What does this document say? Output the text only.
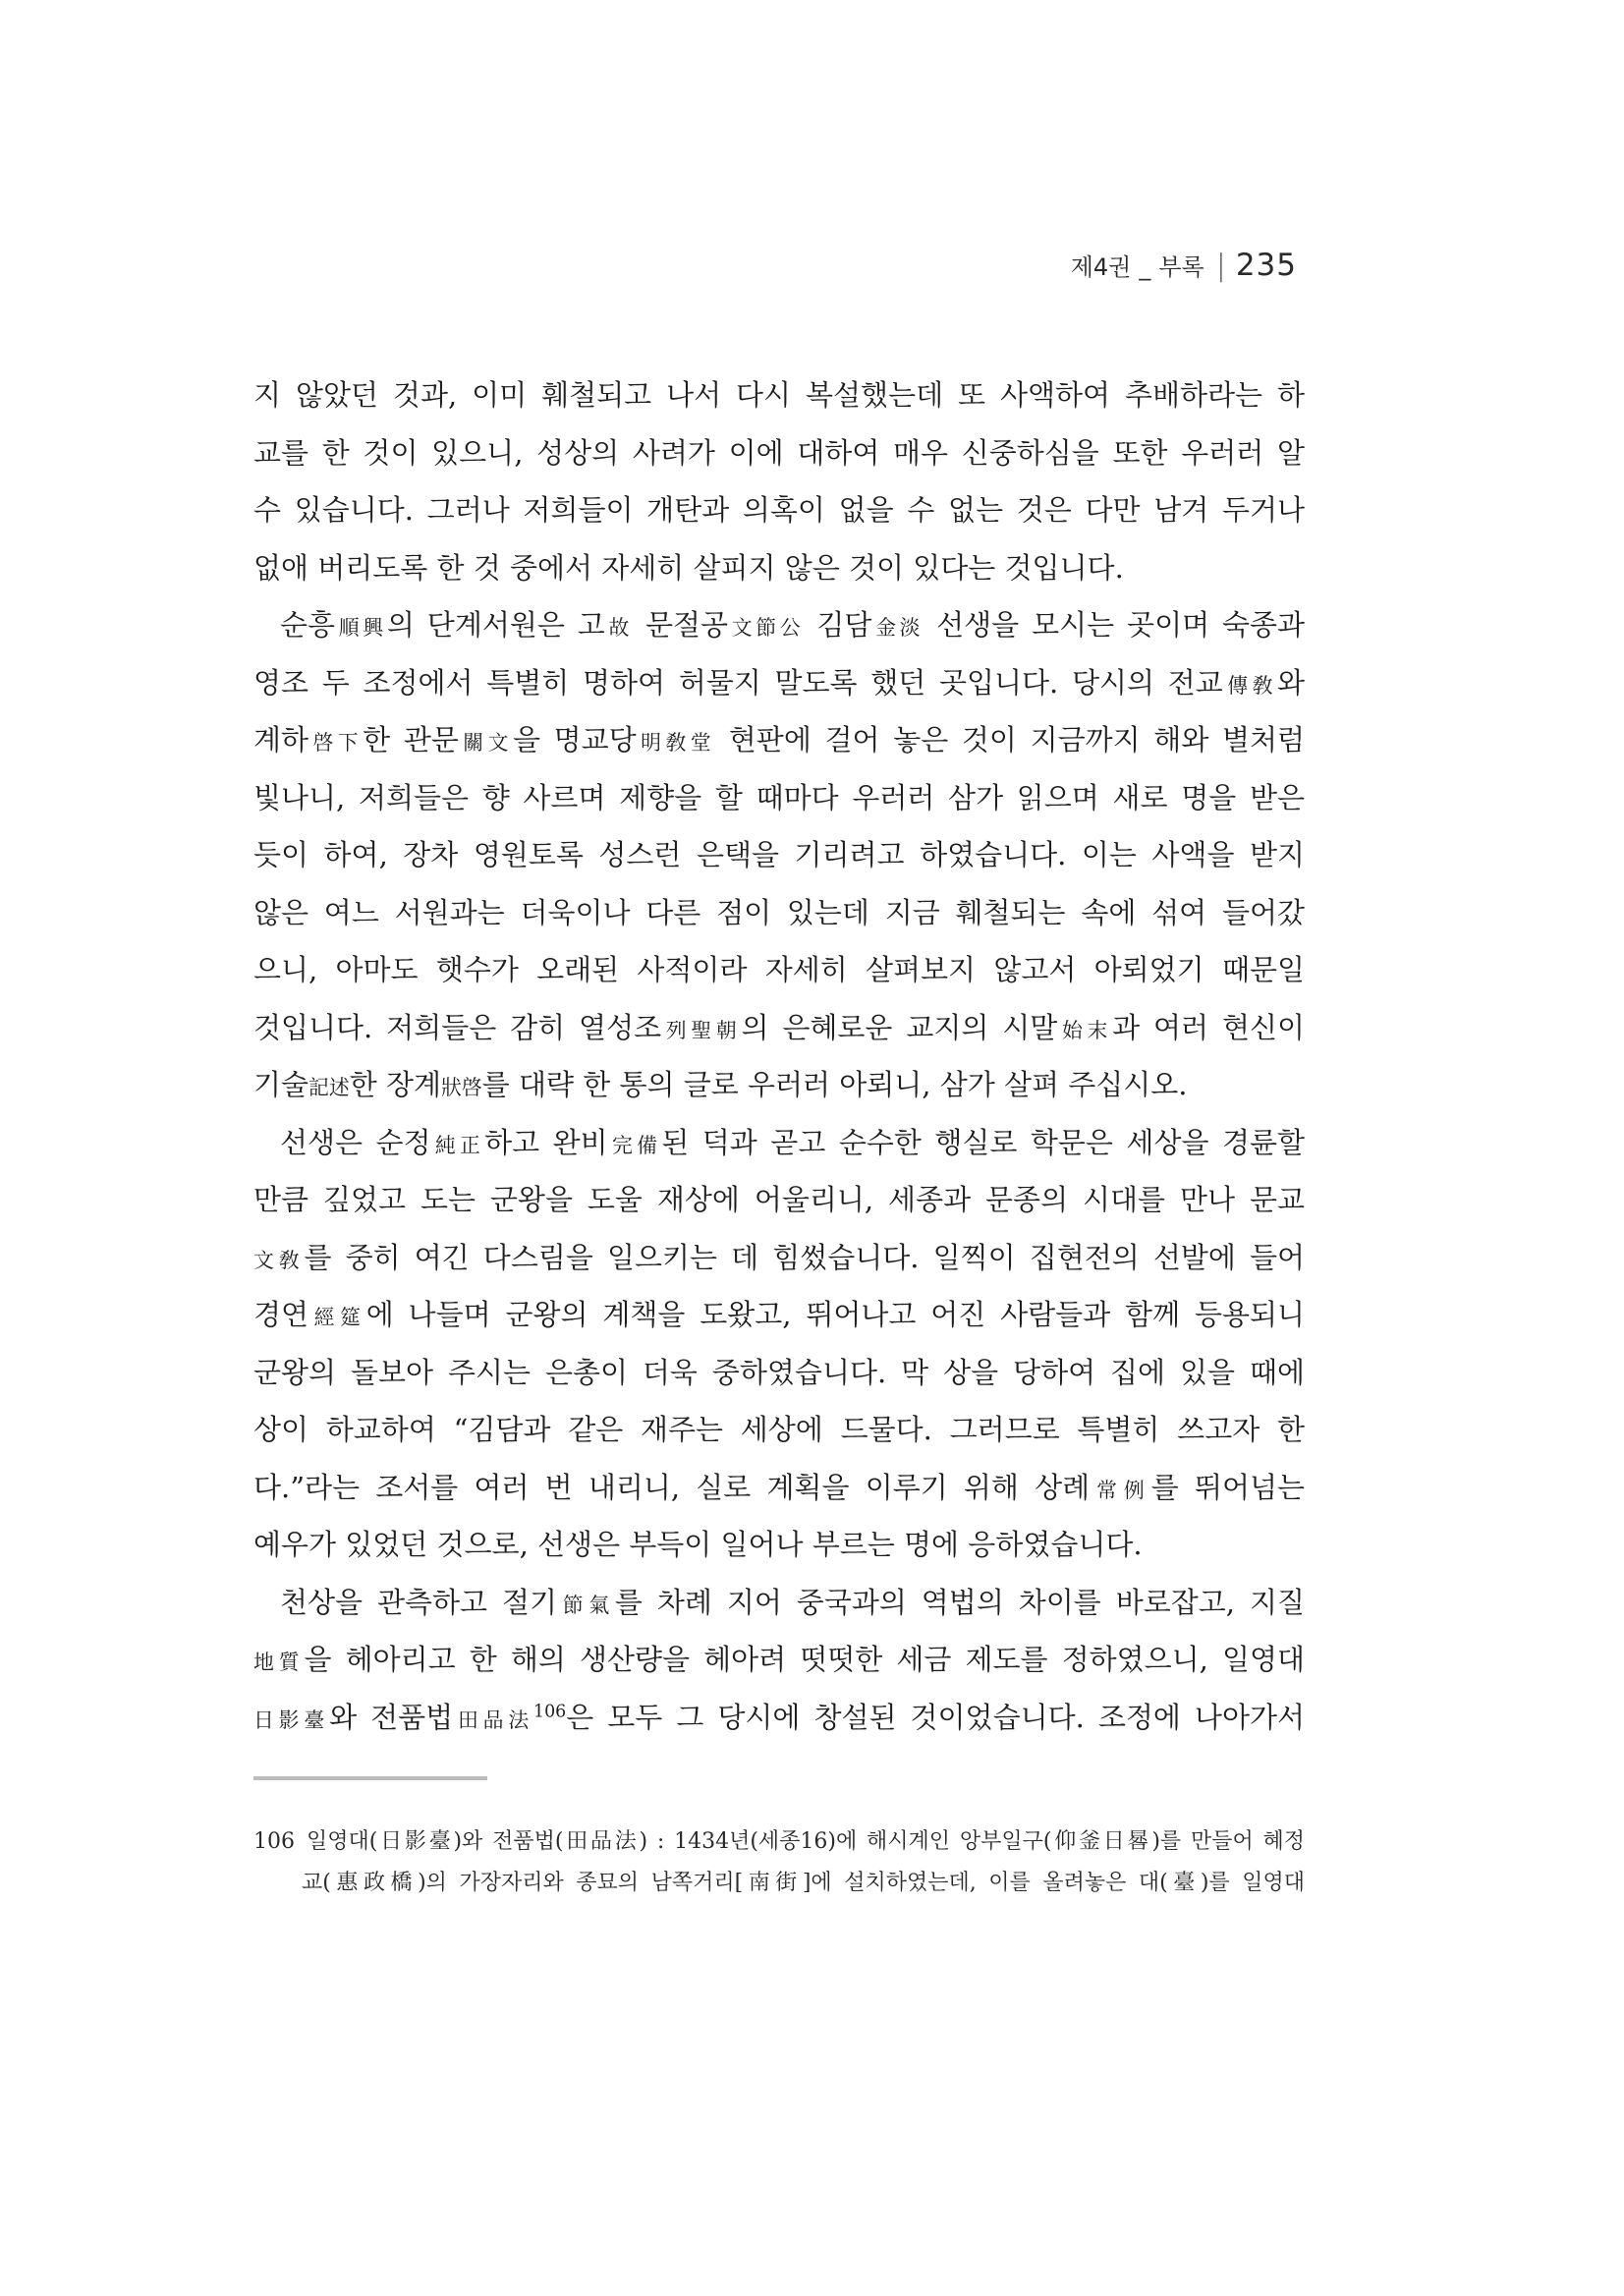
제4권 _ 부록 | 235
지 않았던 것과, 이미 훼철되고 나서 다시 복설했는데 또 사액하여 추배하라는 하
교를 한 것이 있으니, 성상의 사려가 이에 대하여 매우 신중하심을 또한 우러러 알
수 있습니다. 그러나 저희들이 개탄과 의혹이 없을 수 없는 것은 다만 남겨 두거나
없애 버리도록 한 것 중에서 자세히 살피지 않은 것이 있다는 것입니다.
순흥順興의 단계서원은 고故 문절공文節公 김담金淡 선생을 모시는 곳이며 숙종과
영조 두 조정에서 특별히 명하여 허물지 말도록 했던 곳입니다. 당시의 전교傳敎와
계하啓下한 관문關文을 명교당明敎堂 현판에 걸어 놓은 것이 지금까지 해와 별처럼
빛나니, 저희들은 향 사르며 제향을 할 때마다 우러러 삼가 읽으며 새로 명을 받은
듯이 하여, 장차 영원토록 성스런 은택을 기리려고 하였습니다. 이는 사액을 받지
않은 여느 서원과는 더욱이나 다른 점이 있는데 지금 훼철되는 속에 섞여 들어갔
으니, 아마도 햇수가 오래된 사적이라 자세히 살펴보지 않고서 아뢰었기 때문일
것입니다. 저희들은 감히 열성조列聖朝의 은혜로운 교지의 시말始末과 여러 현신이
기술記述한 장계狀啓를 대략 한 통의 글로 우러러 아뢰니, 삼가 살펴 주십시오.
선생은 순정純正하고 완비完備된 덕과 곧고 순수한 행실로 학문은 세상을 경륜할
만큼 깊었고 도는 군왕을 도울 재상에 어울리니, 세종과 문종의 시대를 만나 문교
文敎를 중히 여긴 다스림을 일으키는 데 힘썼습니다. 일찍이 집현전의 선발에 들어
경연經筵에 나들며 군왕의 계책을 도왔고, 뛰어나고 어진 사람들과 함께 등용되니
군왕의 돌보아 주시는 은총이 더욱 중하였습니다. 막 상을 당하여 집에 있을 때에
상이 하교하여 “김담과 같은 재주는 세상에 드물다. 그러므로 특별히 쓰고자 한
다.”라는 조서를 여러 번 내리니, 실로 계획을 이루기 위해 상례常例를 뛰어넘는
예우가 있었던 것으로, 선생은 부득이 일어나 부르는 명에 응하였습니다.
천상을 관측하고 절기節氣를 차례 지어 중국과의 역법의 차이를 바로잡고, 지질
地質을 헤아리고 한 해의 생산량을 헤아려 떳떳한 세금 제도를 정하였으니, 일영대
日影臺와 전품법田品法$^{106}$은 모두 그 당시에 창설된 것이었습니다. 조정에 나아가서
106 일영대(日影臺)와 전품법(田品法) : 1434년(세종16)에 해시계인 앙부일구(仰釜日晷)를 만들어 혜정
교(惠政橋)의 가장자리와 종묘의 남쪽거리[南街]에 설치하였는데, 이를 올려놓은 대(臺)를 일영대
